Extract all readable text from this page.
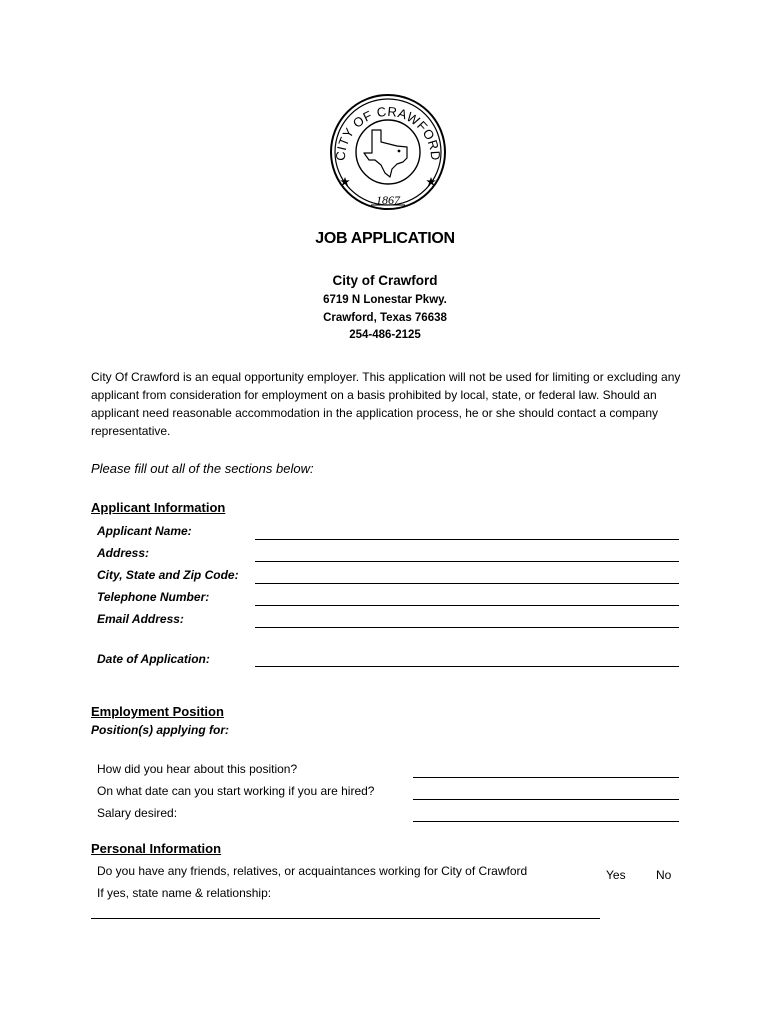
CITY OF CRAWFORD
1867
JOB APPLICATION
City of Crawford
6719 N Lonestar Pkwy.
Crawford, Texas 76638
254-486-2125
City Of Crawford is an equal opportunity employer. This application will not be used for limiting or excluding any applicant from consideration for employment on a basis prohibited by local, state, or federal law. Should an applicant need reasonable accommodation in the application process, he or she should contact a company representative.
Please fill out all of the sections below:
Applicant Information
Applicant Name:
Address:
City, State and Zip Code:
Telephone Number:
Email Address:
Date of Application:
Employment Position
Position(s) applying for:
How did you hear about this position?
On what date can you start working if you are hired?
Salary desired:
Personal Information
Do you have any friends, relatives, or acquaintances working for City of Crawford	Yes	No
If yes, state name & relationship:
